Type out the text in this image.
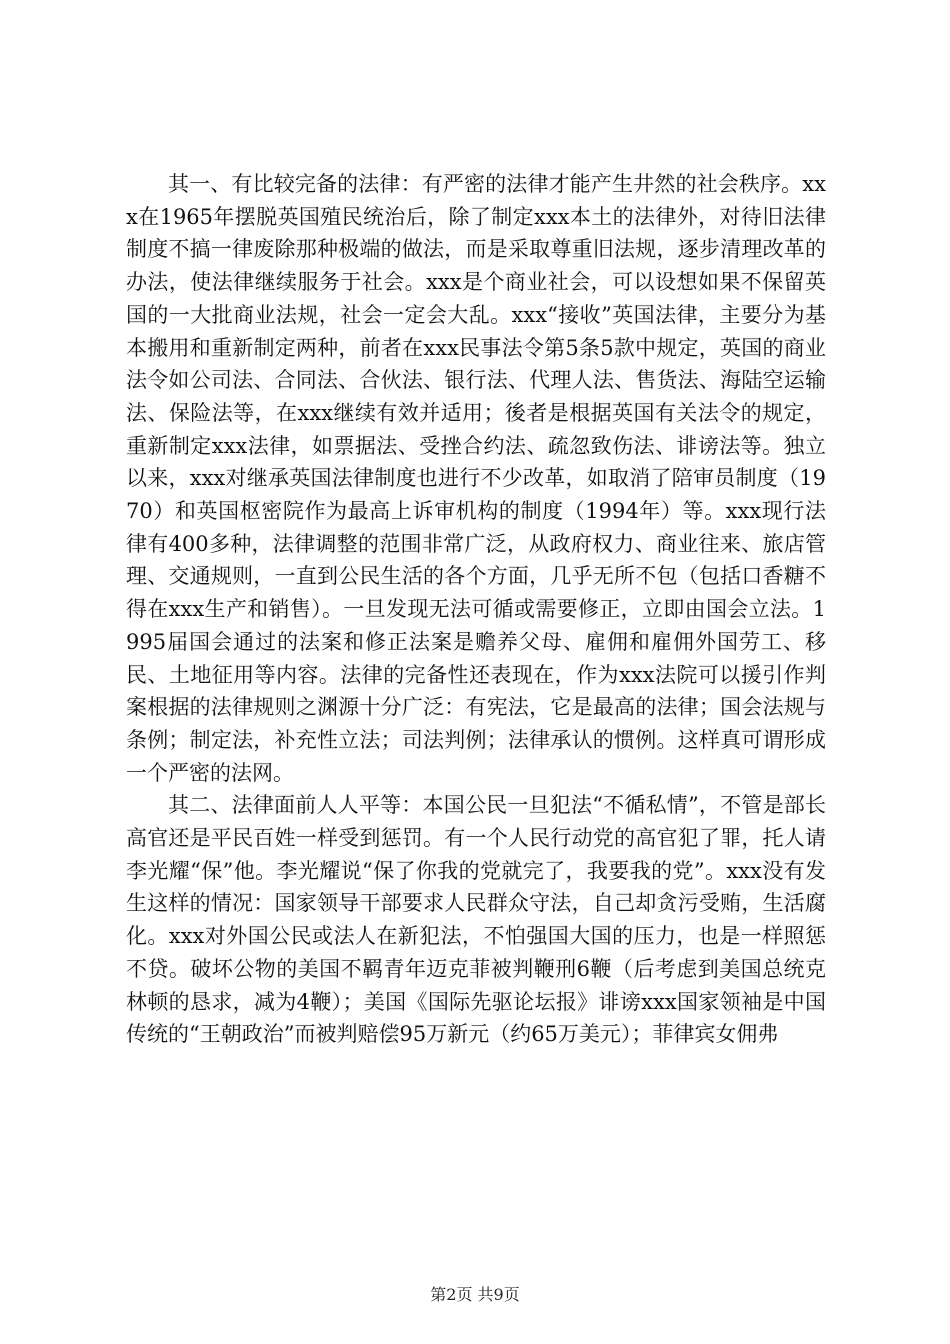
其一、有比较完备的法律：有严密的法律才能产生井然的社会秩序。xxx在1965年摆脱英国殖民统治后，除了制定xxx本土的法律外，对待旧法律制度不搞一律废除那种极端的做法，而是采取尊重旧法规，逐步清理改革的办法，使法律继续服务于社会。xxx是个商业社会，可以设想如果不保留英国的一大批商业法规，社会一定会大乱。xxx“接收”英国法律，主要分为基本搬用和重新制定两种，前者在xxx民事法令第5条5款中规定，英国的商业法令如公司法、合同法、合伙法、银行法、代理人法、售货法、海陆空运输法、保险法等，在xxx继续有效并适用；後者是根据英国有关法令的规定，重新制定xxx法律，如票据法、受挫合约法、疏忽致伤法、诽谤法等。独立以来，xxx对继承英国法律制度也进行不少改革，如取消了陪审员制度（1970）和英国枢密院作为最高上诉审机构的制度（1994年）等。xxx现行法律有400多种，法律调整的范围非常广泛，从政府权力、商业往来、旅店管理、交通规则，一直到公民生活的各个方面，几乎无所不包（包括口香糖不得在xxx生产和销售）。一旦发现无法可循或需要修正，立即由国会立法。1995届国会通过的法案和修正法案是赡养父母、雇佣和雇佣外国劳工、移民、土地征用等内容。法律的完备性还表现在，作为xxx法院可以援引作判案根据的法律规则之渊源十分广泛：有宪法，它是最高的法律；国会法规与条例；制定法，补充性立法；司法判例；法律承认的惯例。这样真可谓形成一个严密的法网。

其二、法律面前人人平等：本国公民一旦犯法“不循私情”，不管是部长高官还是平民百姓一样受到惩罚。有一个人民行动党的高官犯了罪，托人请李光耀“保”他。李光耀说“保了你我的党就完了，我要我的党”。xxx没有发生这样的情况：国家领导干部要求人民群众守法，自己却贪污受贿，生活腐化。xxx对外国公民或法人在新犯法，不怕强国大国的压力，也是一样照惩不贷。破坏公物的美国不羁青年迈克菲被判鞭刑6鞭（后考虑到美国总统克林顿的恳求，减为4鞭）；美国《国际先驱论坛报》诽谤xxx国家领袖是中国传统的“王朝政治”而被判赔偿95万新元（约65万美元）；菲律宾女佣弗

第2页 共9页
